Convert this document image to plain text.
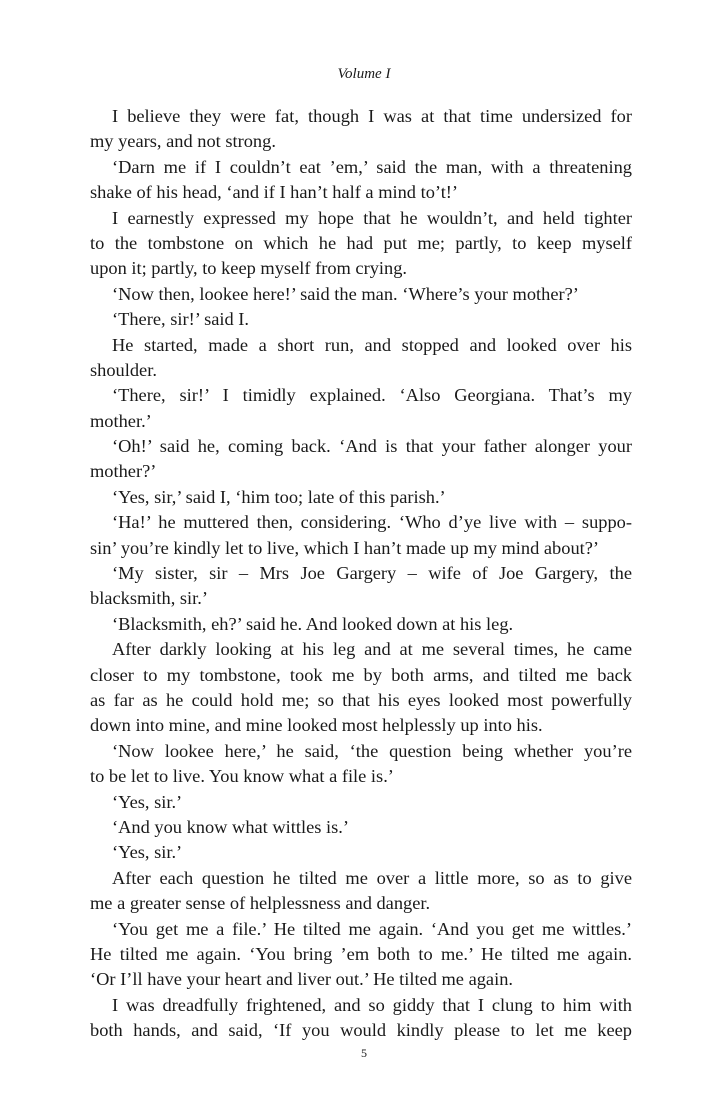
Volume I
I believe they were fat, though I was at that time undersized for
my years, and not strong.
‘Darn me if I couldn’t eat ’em,’ said the man, with a threatening
shake of his head, ‘and if I han’t half a mind to’t!’
I earnestly expressed my hope that he wouldn’t, and held tighter
to the tombstone on which he had put me; partly, to keep myself
upon it; partly, to keep myself from crying.
‘Now then, lookee here!’ said the man. ‘Where’s your mother?’
‘There, sir!’ said I.
He started, made a short run, and stopped and looked over his
shoulder.
‘There, sir!’ I timidly explained. ‘Also Georgiana. That’s my
mother.’
‘Oh!’ said he, coming back. ‘And is that your father alonger your
mother?’
‘Yes, sir,’ said I, ‘him too; late of this parish.’
‘Ha!’ he muttered then, considering. ‘Who d’ye live with – suppo-
sin’ you’re kindly let to live, which I han’t made up my mind about?’
‘My sister, sir – Mrs Joe Gargery – wife of Joe Gargery, the
blacksmith, sir.’
‘Blacksmith, eh?’ said he. And looked down at his leg.
After darkly looking at his leg and at me several times, he came
closer to my tombstone, took me by both arms, and tilted me back
as far as he could hold me; so that his eyes looked most powerfully
down into mine, and mine looked most helplessly up into his.
‘Now lookee here,’ he said, ‘the question being whether you’re
to be let to live. You know what a file is.’
‘Yes, sir.’
‘And you know what wittles is.’
‘Yes, sir.’
After each question he tilted me over a little more, so as to give
me a greater sense of helplessness and danger.
‘You get me a file.’ He tilted me again. ‘And you get me wittles.’
He tilted me again. ‘You bring ’em both to me.’ He tilted me again.
‘Or I’ll have your heart and liver out.’ He tilted me again.
I was dreadfully frightened, and so giddy that I clung to him with
both hands, and said, ‘If you would kindly please to let me keep
5
